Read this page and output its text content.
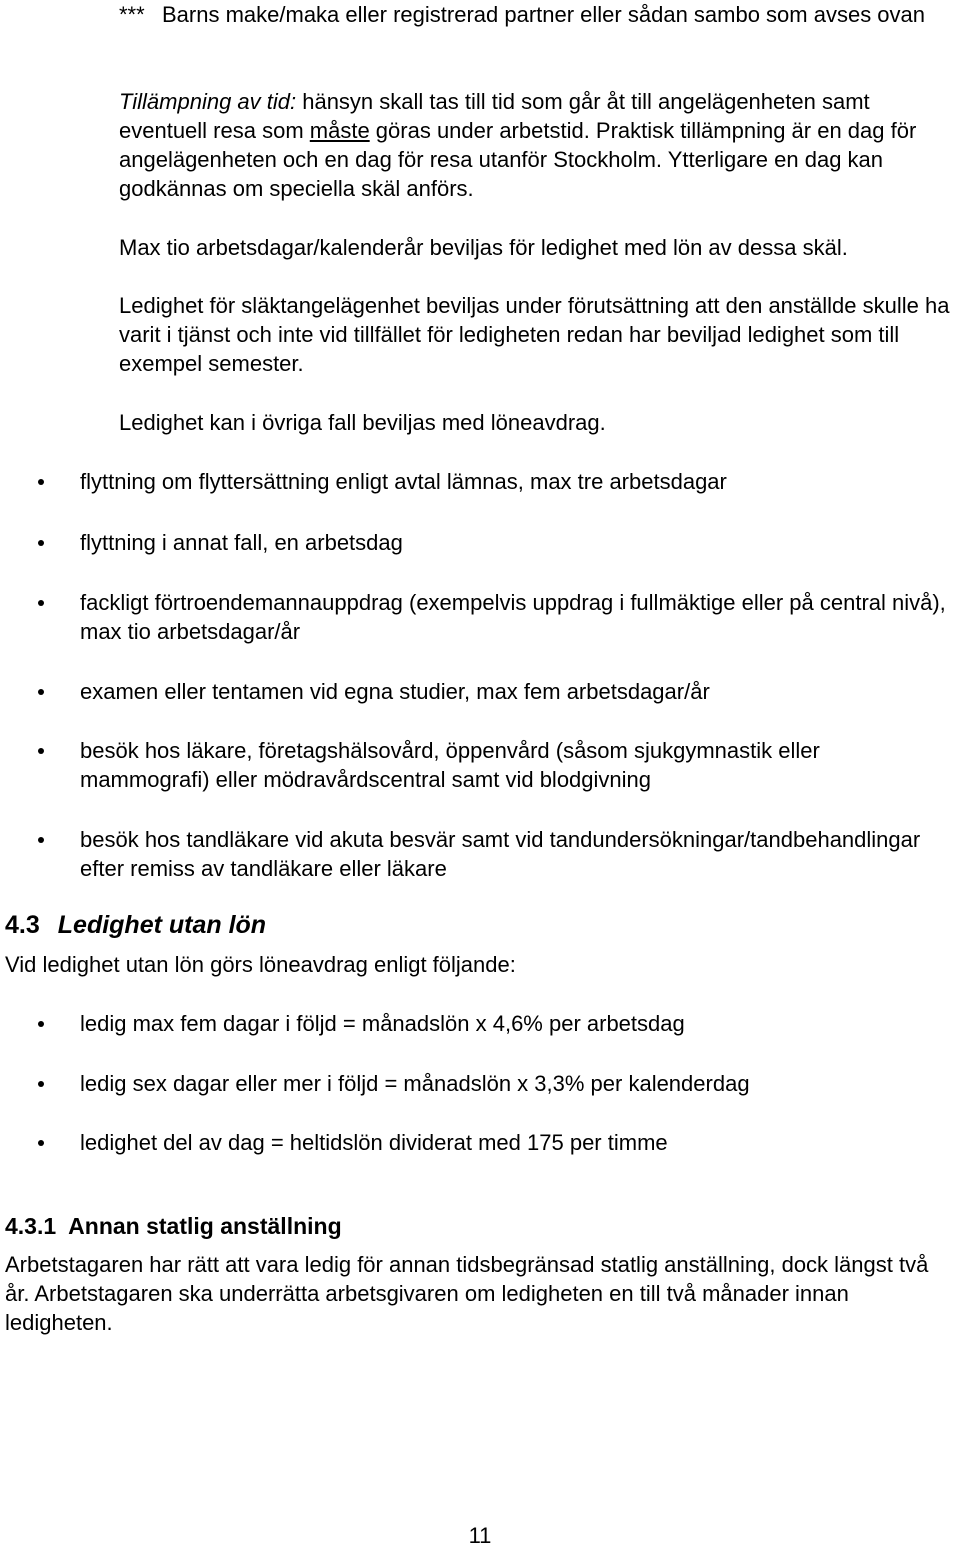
*** Barns make/maka eller registrerad partner eller sådan sambo som avses ovan
Tillämpning av tid: hänsyn skall tas till tid som går åt till angelägenheten samt eventuell resa som måste göras under arbetstid. Praktisk tillämpning är en dag för angelägenheten och en dag för resa utanför Stockholm. Ytterligare en dag kan godkännas om speciella skäl anförs.
Max tio arbetsdagar/kalenderår beviljas för ledighet med lön av dessa skäl.
Ledighet för släktangelägenhet beviljas under förutsättning att den anställde skulle ha varit i tjänst och inte vid tillfället för ledigheten redan har beviljad ledighet som till exempel semester.
Ledighet kan i övriga fall beviljas med löneavdrag.
flyttning om flyttersättning enligt avtal lämnas, max tre arbetsdagar
flyttning i annat fall, en arbetsdag
fackligt förtroendemannauppdrag (exempelvis uppdrag i fullmäktige eller på central nivå), max tio arbetsdagar/år
examen eller tentamen vid egna studier, max fem arbetsdagar/år
besök hos läkare, företagshälsovård, öppenvård (såsom sjukgymnastik eller mammografi) eller mödravårdscentral samt vid blodgivning
besök hos tandläkare vid akuta besvär samt vid tandundersökningar/tandbehandlingar efter remiss av tandläkare eller läkare
4.3 Ledighet utan lön
Vid ledighet utan lön görs löneavdrag enligt följande:
ledig max fem dagar i följd = månadslön x 4,6% per arbetsdag
ledig sex dagar eller mer i följd = månadslön x 3,3% per kalenderdag
ledighet del av dag = heltidslön dividerat med 175 per timme
4.3.1 Annan statlig anställning
Arbetstagaren har rätt att vara ledig för annan tidsbegränsad statlig anställning, dock längst två år. Arbetstagaren ska underrätta arbetsgivaren om ledigheten en till två månader innan ledigheten.
11
